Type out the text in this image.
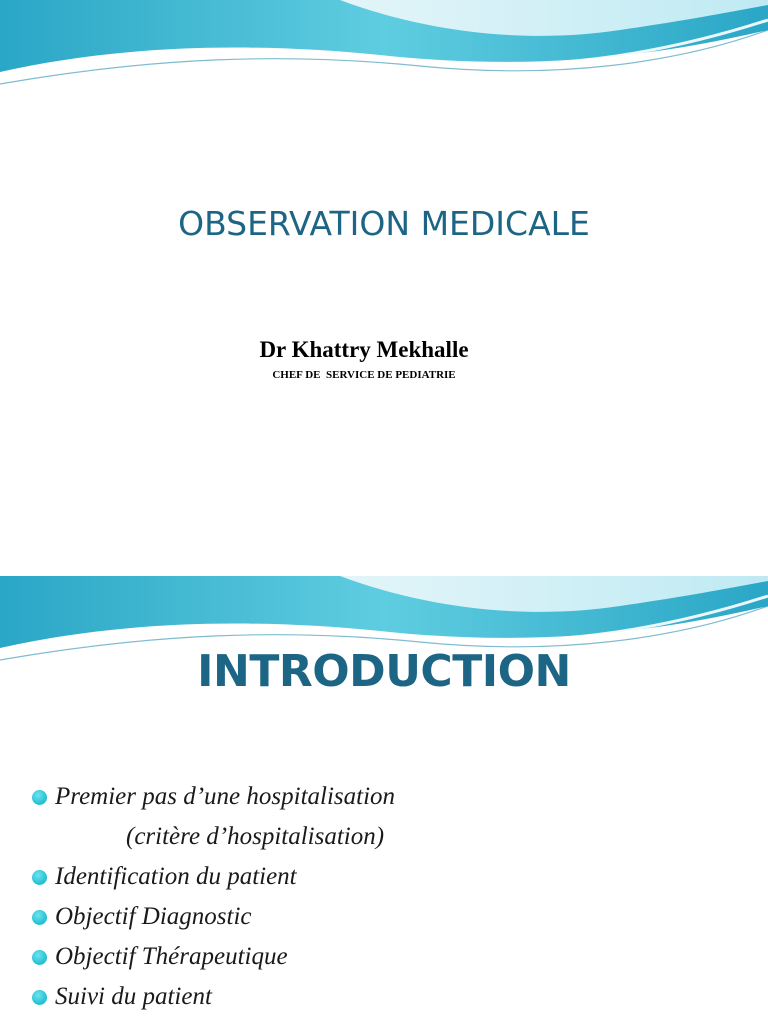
OBSERVATION MEDICALE

Dr Khattry Mekhalle

CHEF DE  SERVICE DE PEDIATRIE

INTRODUCTION
Premier pas d’une hospitalisation
(critère d’hospitalisation)
Identification du patient
Objectif Diagnostic
Objectif Thérapeutique
Suivi du patient
